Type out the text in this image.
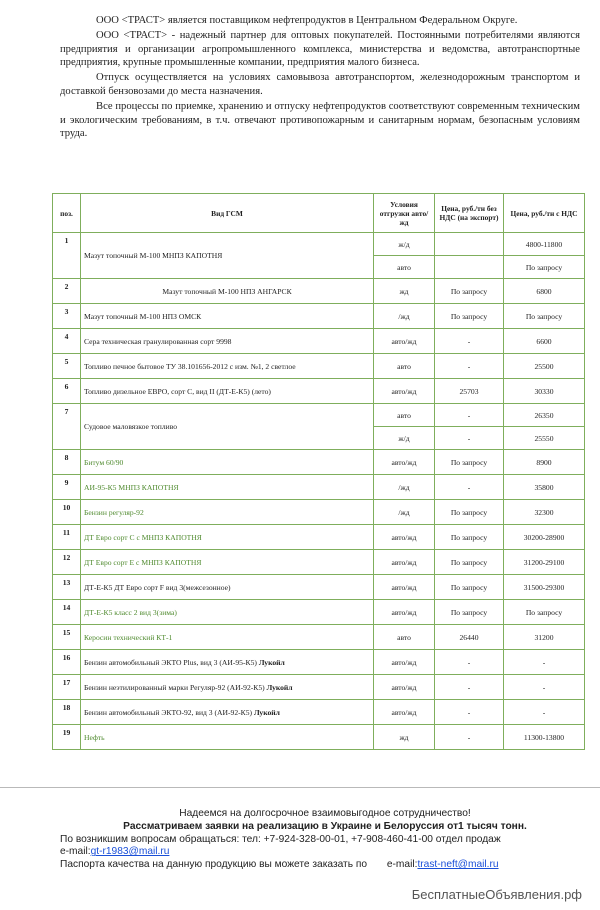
ООО <ТРАСТ> является поставщиком нефтепродуктов в Центральном Федеральном Округе.

ООО <ТРАСТ> - надежный партнер для оптовых покупателей. Постоянными потребителями являются предприятия и организации агропромышленного комплекса, министерства и ведомства, автотранспортные предприятия, крупные промышленные компании, предприятия малого бизнеса.

Отпуск осуществляется на условиях самовывоза автотранспортом, железнодорожным транспортом и доставкой бензовозами до места назначения.

Все процессы по приемке, хранению и отпуску нефтепродуктов соответствуют современным техническим и экологическим требованиям, в т.ч. отвечают противопожарным и санитарным нормам, безопасным условиям труда.

поз.	Вид ГСМ	Условия отгрузки авто/жд	Цена, руб./тн без НДС (на экспорт)	Цена, руб./тн с НДС
1	Мазут топочный М-100 МНПЗ КАПОТНЯ	ж/д		4800-11800
		авто		По запросу
2	Мазут топочный М-100 НПЗ АНГАРСК	жд	По запросу	6800
3	Мазут топочный М-100 НПЗ ОМСК	/жд	По запросу	По запросу
4	Сера техническая гранулированная сорт 9998	авто/жд	-	6600
5	Топливо печное бытовое ТУ 38.101656-2012 с изм. №1, 2 светлое	авто	-	25500
6	Топливо дизельное ЕВРО, сорт С, вид II (ДТ-Е-К5) (лето)	авто/жд	25703	30330
7	Судовое маловязкое топливо	авто	-	26350
		ж/д	-	25550
8	Битум 60/90	авто/жд	По запросу	8900
9	АИ-95-К5 МНПЗ КАПОТНЯ	/жд	-	35800
10	Бензин регуляр-92	/жд	По запросу	32300
11	ДТ Евро сорт С с МНПЗ КАПОТНЯ	авто/жд	По запросу	30200-28900
12	ДТ Евро сорт Е с МНПЗ КАПОТНЯ	авто/жд	По запросу	31200-29100
13	ДТ-Е-К5 ДТ Евро сорт F вид 3(межсезонное)	авто/жд	По запросу	31500-29300
14	ДТ-Е-К5 класс 2 вид 3(зима)	авто/жд	По запросу	По запросу
15	Керосин технический КТ-1	авто	26440	31200
16	Бензин автомобильный ЭКТО Plus, вид 3 (АИ-95-К5) Лукойл	авто/жд	-	-
17	Бензин неэтилированный марки Регуляр-92 (АИ-92-К5) Лукойл	авто/жд	-	-
18	Бензин автомобильный ЭКТО-92, вид 3 (АИ-92-К5) Лукойл	авто/жд	-	-
19	Нефть	жд	-	11300-13800
Надеемся на долгосрочное взаимовыгодное сотрудничество!
Рассматриваем заявки на реализацию в Украине и Белоруссия от1 тысяч тонн.
По возникшим вопросам обращаться: тел: +7-924-328-00-01, +7-908-460-41-00 отдел продаж
e-mail:gt-r1983@mail.ru
Паспорта качества на данную продукцию вы можете заказать по e-mail:trast-neft@mail.ru
БесплатныеОбъявления.рф
